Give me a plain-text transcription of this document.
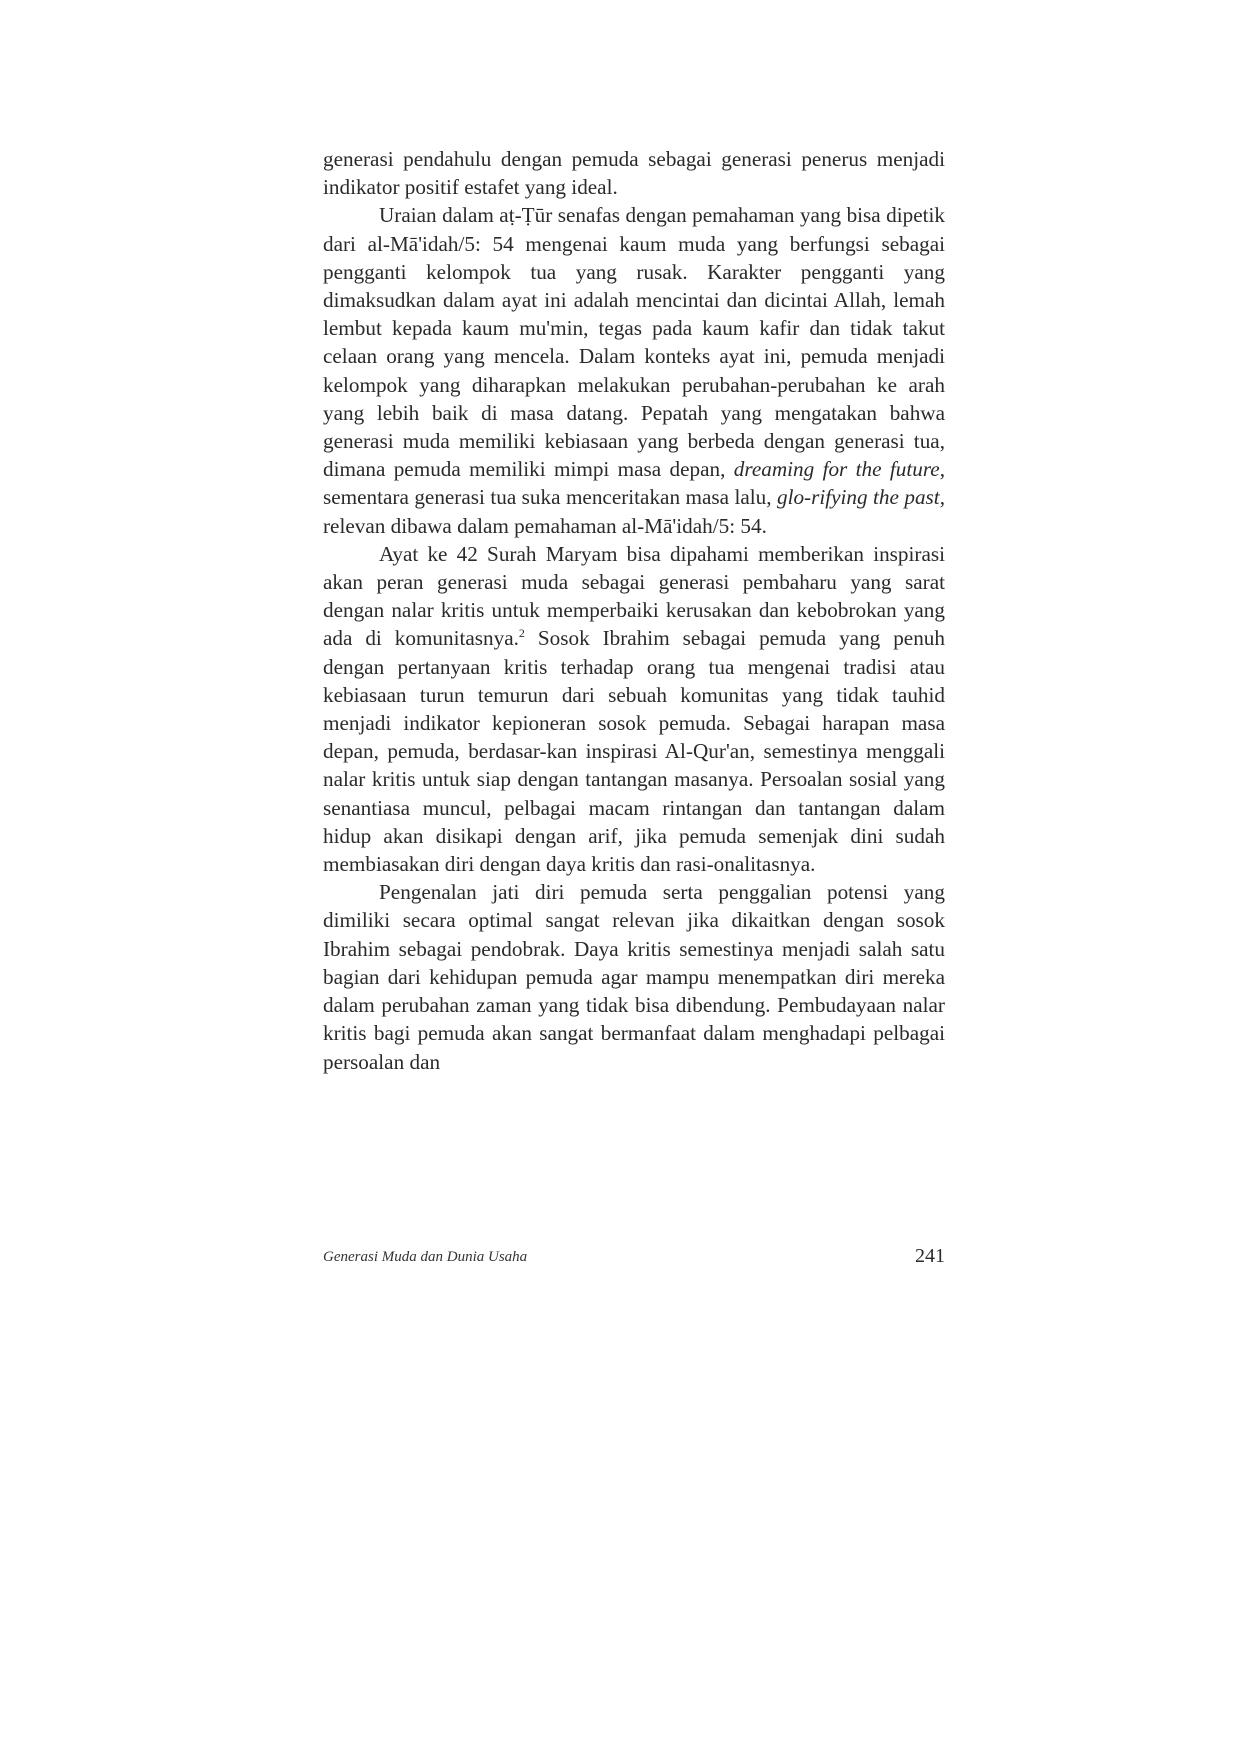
generasi pendahulu dengan pemuda sebagai generasi penerus menjadi indikator positif estafet yang ideal.

Uraian dalam aṭ-Ṭūr senafas dengan pemahaman yang bisa dipetik dari al-Mā'idah/5: 54 mengenai kaum muda yang berfungsi sebagai pengganti kelompok tua yang rusak. Karakter pengganti yang dimaksudkan dalam ayat ini adalah mencintai dan dicintai Allah, lemah lembut kepada kaum mu'min, tegas pada kaum kafir dan tidak takut celaan orang yang mencela. Dalam konteks ayat ini, pemuda menjadi kelompok yang diharapkan melakukan perubahan-perubahan ke arah yang lebih baik di masa datang. Pepatah yang mengatakan bahwa generasi muda memiliki kebiasaan yang berbeda dengan generasi tua, dimana pemuda memiliki mimpi masa depan, dreaming for the future, sementara generasi tua suka menceritakan masa lalu, glo-rifying the past, relevan dibawa dalam pemahaman al-Mā'idah/5: 54.

Ayat ke 42 Surah Maryam bisa dipahami memberikan inspirasi akan peran generasi muda sebagai generasi pembaharu yang sarat dengan nalar kritis untuk memperbaiki kerusakan dan kebobrokan yang ada di komunitasnya.$^2$ Sosok Ibrahim sebagai pemuda yang penuh dengan pertanyaan kritis terhadap orang tua mengenai tradisi atau kebiasaan turun temurun dari sebuah komunitas yang tidak tauhid menjadi indikator kepioneran sosok pemuda. Sebagai harapan masa depan, pemuda, berdasar-kan inspirasi Al-Qur'an, semestinya menggali nalar kritis untuk siap dengan tantangan masanya. Persoalan sosial yang senantiasa muncul, pelbagai macam rintangan dan tantangan dalam hidup akan disikapi dengan arif, jika pemuda semenjak dini sudah membiasakan diri dengan daya kritis dan rasi-onalitasnya.

Pengenalan jati diri pemuda serta penggalian potensi yang dimiliki secara optimal sangat relevan jika dikaitkan dengan sosok Ibrahim sebagai pendobrak. Daya kritis semestinya menjadi salah satu bagian dari kehidupan pemuda agar mampu menempatkan diri mereka dalam perubahan zaman yang tidak bisa dibendung. Pembudayaan nalar kritis bagi pemuda akan sangat bermanfaat dalam menghadapi pelbagai persoalan dan

Generasi Muda dan Dunia Usaha	241
